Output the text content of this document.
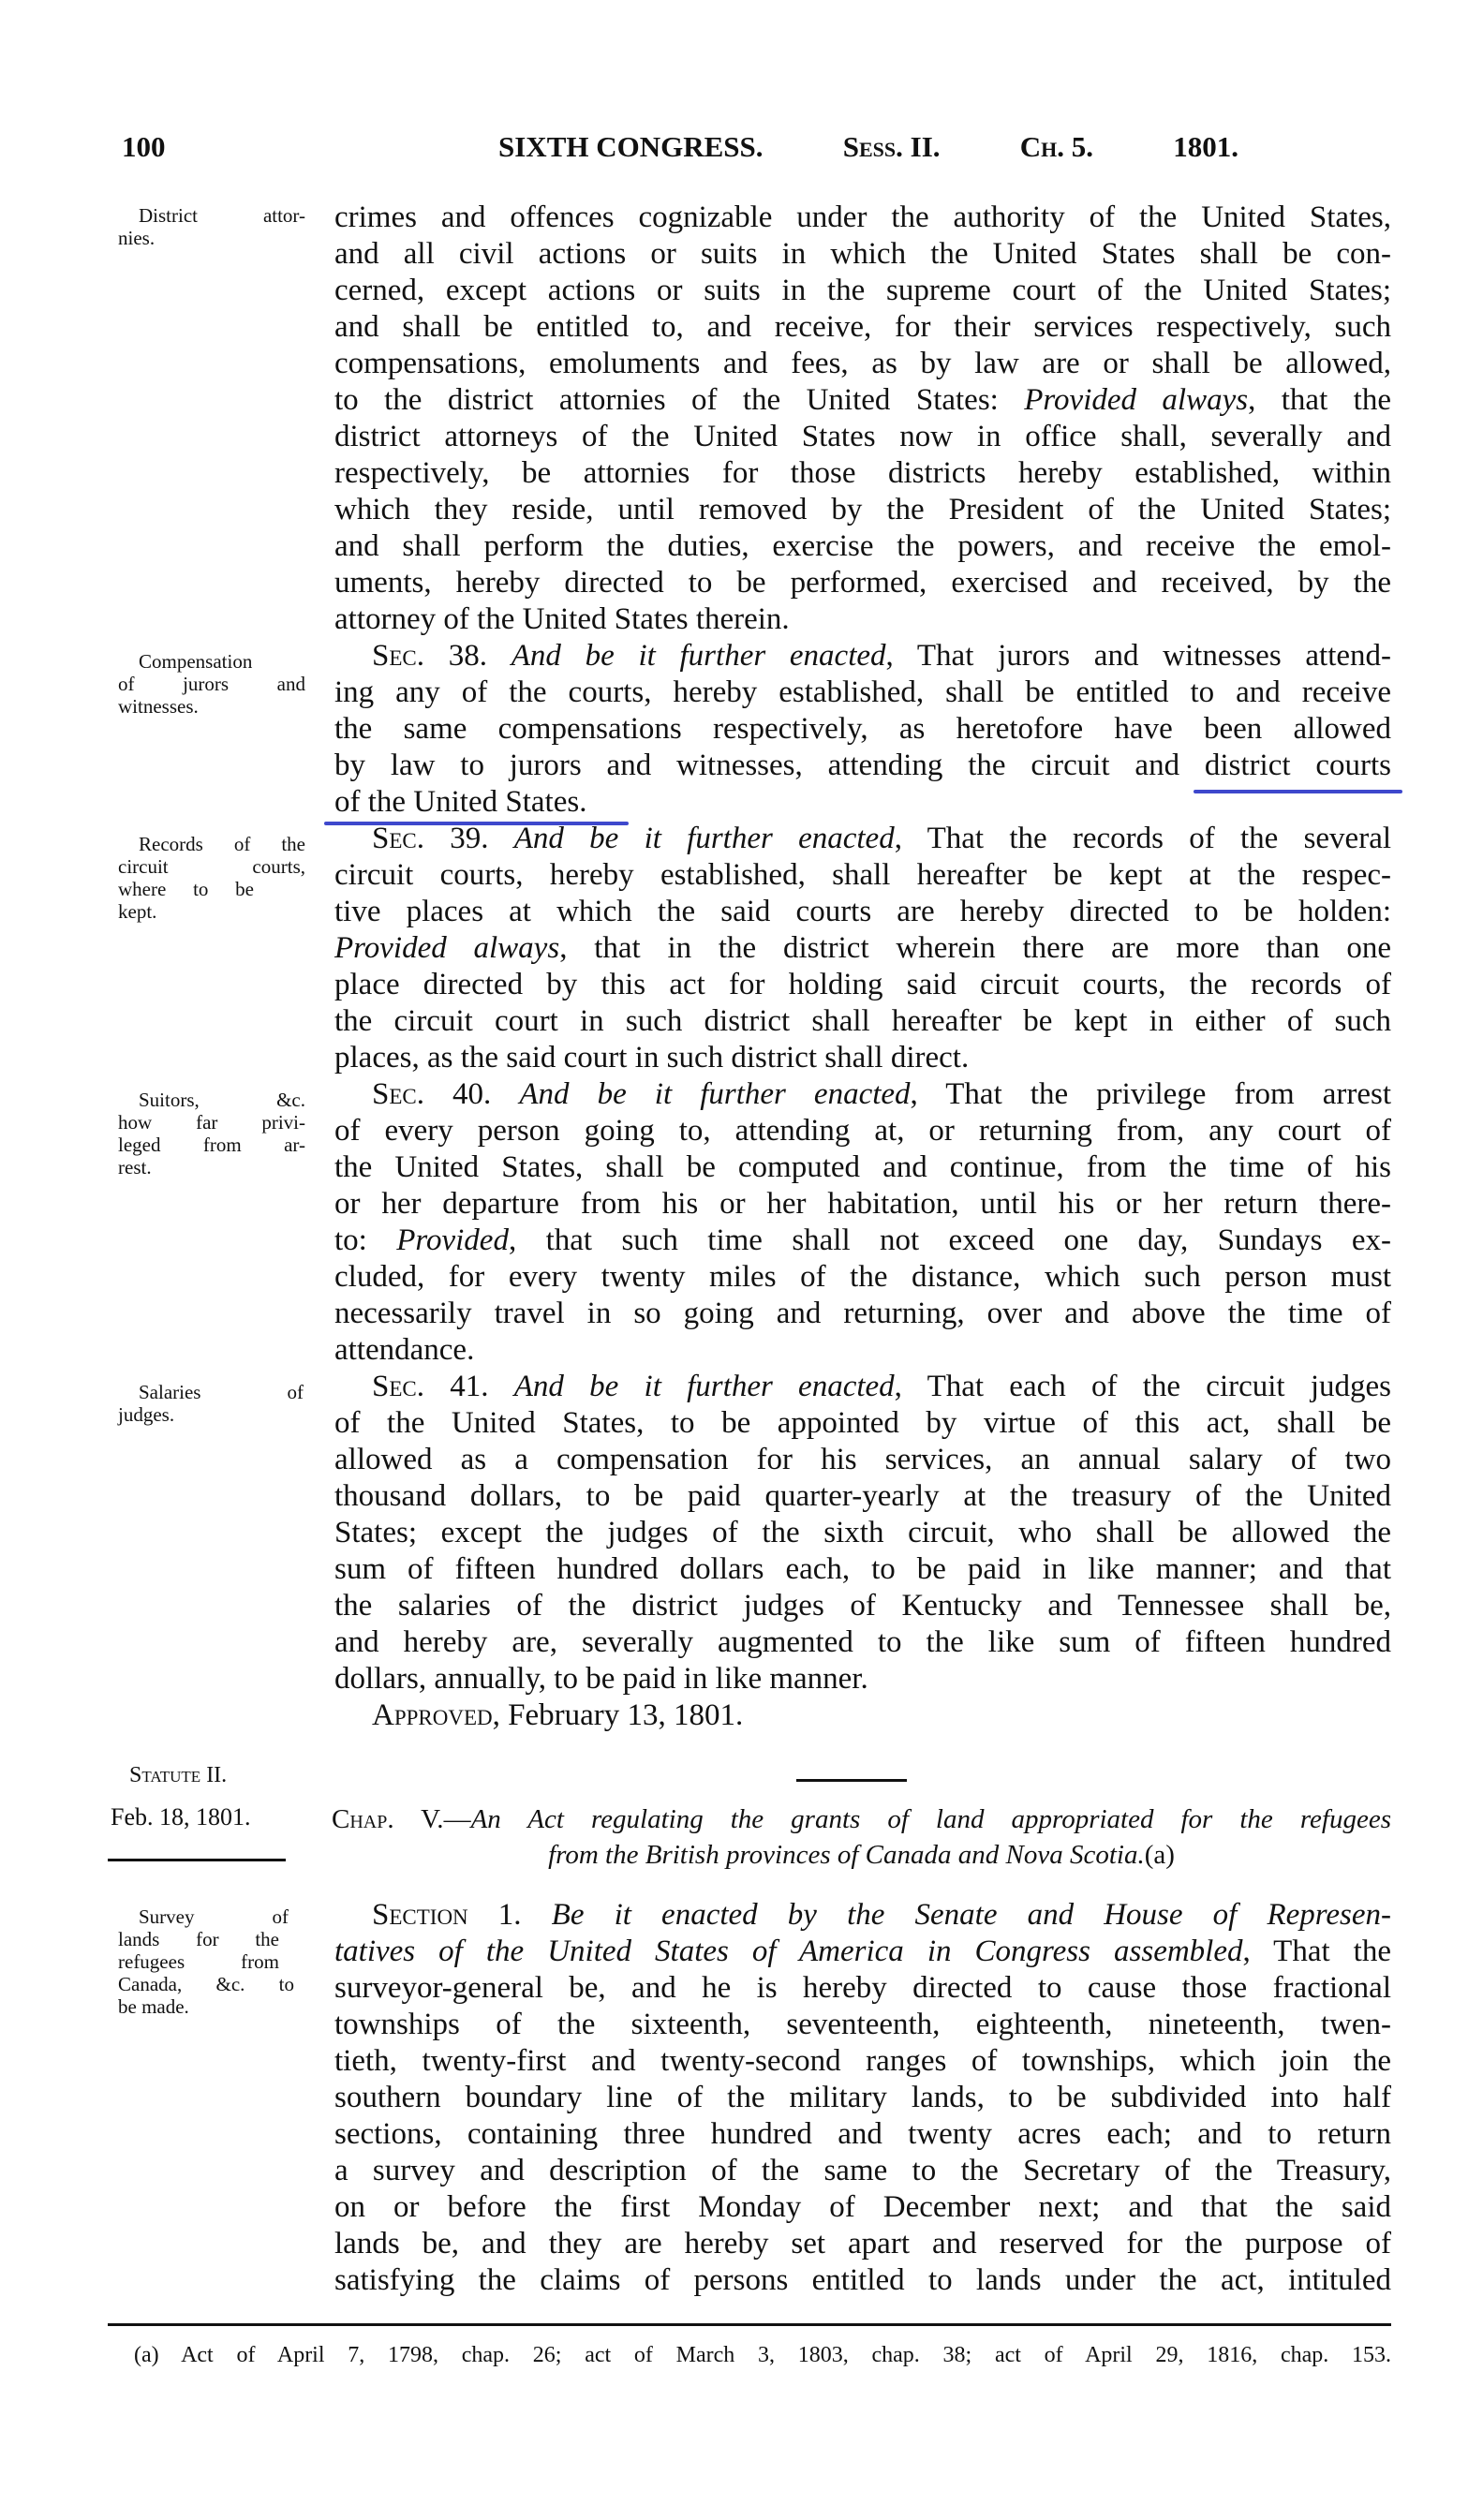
100	SIXTH CONGRESS.	Sess. II.	Ch. 5.	1801.
District attor-
nies.
crimes and offences cognizable under the authority of the United States,
and all civil actions or suits in which the United States shall be con-
cerned, except actions or suits in the supreme court of the United States;
and shall be entitled to, and receive, for their services respectively, such
compensations, emoluments and fees, as by law are or shall be allowed,
to the district attornies of the United States: Provided always, that the
district attorneys of the United States now in office shall, severally and
respectively, be attornies for those districts hereby established, within
which they reside, until removed by the President of the United States;
and shall perform the duties, exercise the powers, and receive the emol-
uments, hereby directed to be performed, exercised and received, by the
attorney of the United States therein.
Compensation
of jurors and
witnesses.
Sec. 38. And be it further enacted, That jurors and witnesses attend-
ing any of the courts, hereby established, shall be entitled to and receive
the same compensations respectively, as heretofore have been allowed
by law to jurors and witnesses, attending the circuit and district courts
of the United States.
Records of the
circuit courts,
where to be
kept.
Sec. 39. And be it further enacted, That the records of the several
circuit courts, hereby established, shall hereafter be kept at the respec-
tive places at which the said courts are hereby directed to be holden:
Provided always, that in the district wherein there are more than one
place directed by this act for holding said circuit courts, the records of
the circuit court in such district shall hereafter be kept in either of such
places, as the said court in such district shall direct.
Suitors, &c.
how far privi-
leged from ar-
rest.
Sec. 40. And be it further enacted, That the privilege from arrest
of every person going to, attending at, or returning from, any court of
the United States, shall be computed and continue, from the time of his
or her departure from his or her habitation, until his or her return there-
to: Provided, that such time shall not exceed one day, Sundays ex-
cluded, for every twenty miles of the distance, which such person must
necessarily travel in so going and returning, over and above the time of
attendance.
Salaries of
judges.
Sec. 41. And be it further enacted, That each of the circuit judges
of the United States, to be appointed by virtue of this act, shall be
allowed as a compensation for his services, an annual salary of two
thousand dollars, to be paid quarter-yearly at the treasury of the United
States; except the judges of the sixth circuit, who shall be allowed the
sum of fifteen hundred dollars each, to be paid in like manner; and that
the salaries of the district judges of Kentucky and Tennessee shall be,
and hereby are, severally augmented to the like sum of fifteen hundred
dollars, annually, to be paid in like manner.
Approved, February 13, 1801.
Statute II.
Feb. 18, 1801.	Chap. V.—An Act regulating the grants of land appropriated for the refugees
from the British provinces of Canada and Nova Scotia.(a)
Survey of
lands for the
refugees from
Canada, &c. to
be made.
Section 1. Be it enacted by the Senate and House of Represen-
tatives of the United States of America in Congress assembled, That the
surveyor-general be, and he is hereby directed to cause those fractional
townships of the sixteenth, seventeenth, eighteenth, nineteenth, twen-
tieth, twenty-first and twenty-second ranges of townships, which join the
southern boundary line of the military lands, to be subdivided into half
sections, containing three hundred and twenty acres each; and to return
a survey and description of the same to the Secretary of the Treasury,
on or before the first Monday of December next; and that the said
lands be, and they are hereby set apart and reserved for the purpose of
satisfying the claims of persons entitled to lands under the act, intituled
(a) Act of April 7, 1798, chap. 26; act of March 3, 1803, chap. 38; act of April 29, 1816, chap. 153.
